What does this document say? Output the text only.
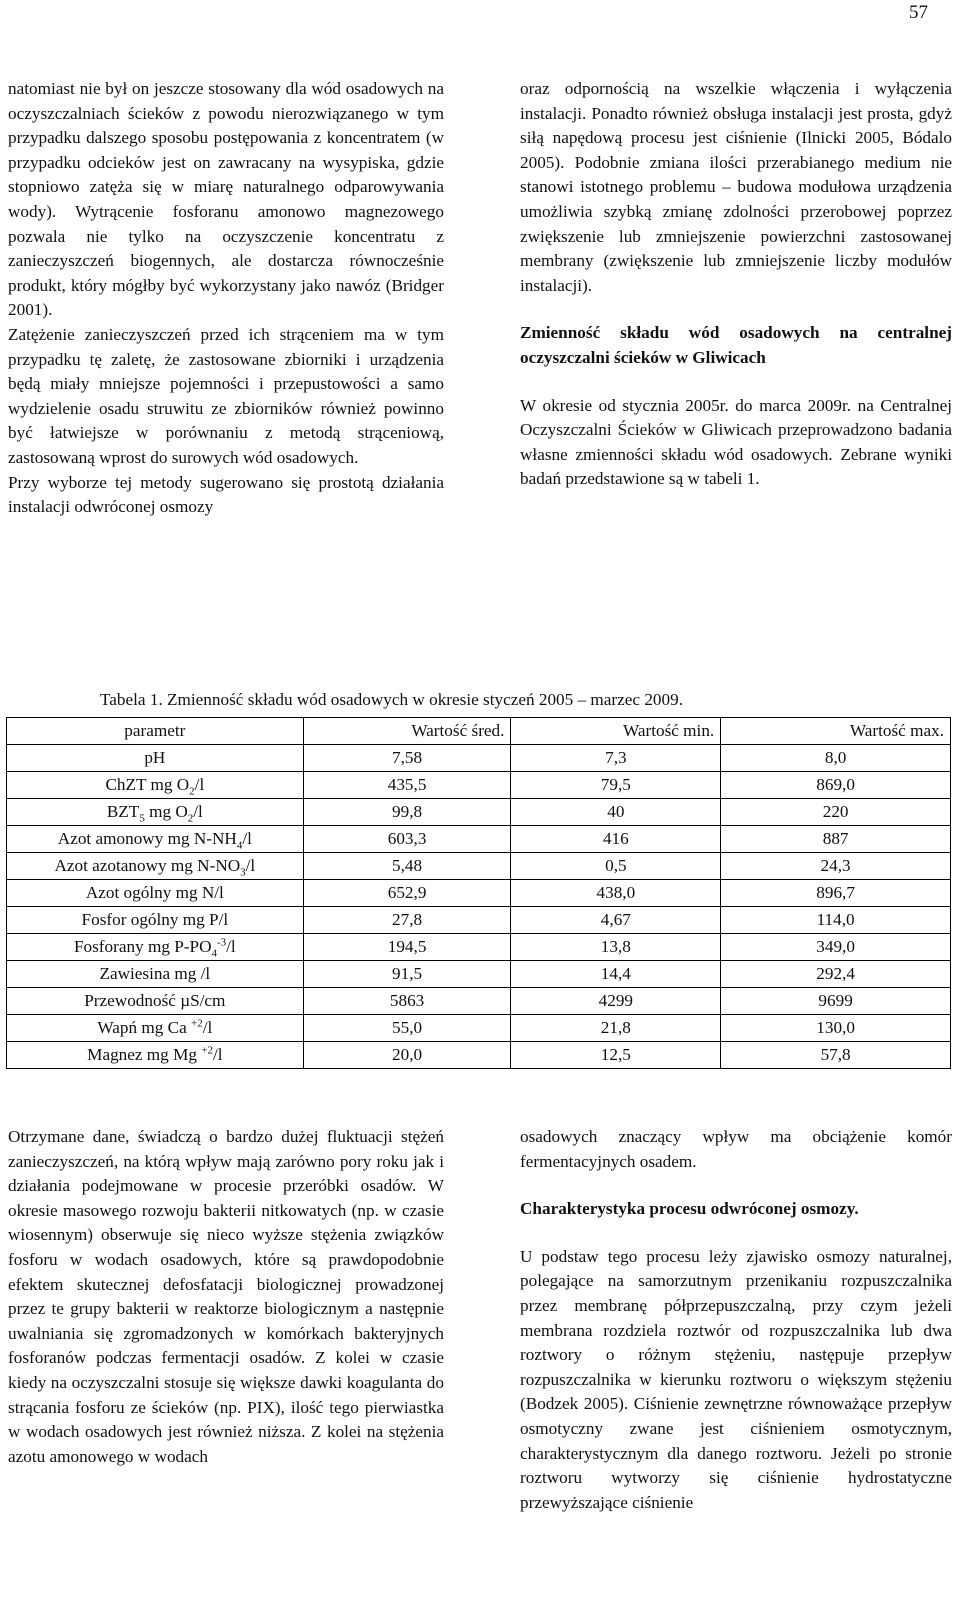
57

natomiast nie był on jeszcze stosowany dla wód osadowych na oczyszczalniach ścieków z powodu nierozwiązanego w tym przypadku dalszego sposobu postępowania z koncentratem (w przypadku odcieków jest on zawracany na wysypiska, gdzie stopniowo zatęża się w miarę naturalnego odparowywania wody). Wytrącenie fosforanu amonowo magnezowego pozwala nie tylko na oczyszczenie koncentratu z zanieczyszczeń biogennych, ale dostarcza równocześnie produkt, który mógłby być wykorzystany jako nawóz (Bridger 2001).

Zatężenie zanieczyszczeń przed ich strąceniem ma w tym przypadku tę zaletę, że zastosowane zbiorniki i urządzenia będą miały mniejsze pojemności i przepustowości a samo wydzielenie osadu struwitu ze zbiorników również powinno być łatwiejsze w porównaniu z metodą strąceniową, zastosowaną wprost do surowych wód osadowych.

Przy wyborze tej metody sugerowano się prostotą działania instalacji odwróconej osmozy

oraz odpornością na wszelkie włączenia i wyłączenia instalacji. Ponadto również obsługa instalacji jest prosta, gdyż siłą napędową procesu jest ciśnienie (Ilnicki 2005, Bódalo 2005). Podobnie zmiana ilości przerabianego medium nie stanowi istotnego problemu – budowa modułowa urządzenia umożliwia szybką zmianę zdolności przerobowej poprzez zwiększenie lub zmniejszenie powierzchni zastosowanej membrany (zwiększenie lub zmniejszenie liczby modułów instalacji).

Zmienność składu wód osadowych na centralnej oczyszczalni ścieków w Gliwicach

W okresie od stycznia 2005r. do marca 2009r. na Centralnej Oczyszczalni Ścieków w Gliwicach przeprowadzono badania własne zmienności składu wód osadowych. Zebrane wyniki badań przedstawione są w tabeli 1.

Tabela 1. Zmienność składu wód osadowych w okresie styczeń 2005 – marzec 2009.
parametr	Wartość śred.	Wartość min.	Wartość max.
pH	7,58	7,3	8,0
ChZT mg $O_2/l$	435,5	79,5	869,0
$BZT_5$ mg $O_2/l$	99,8	40	220
Azot amonowy mg $N-NH_4/l$	603,3	416	887
Azot azotanowy mg $N-NO_3/l$	5,48	0,5	24,3
Azot ogólny mg N/l	652,9	438,0	896,7
Fosfor ogólny mg P/l	27,8	4,67	114,0
Fosforany mg $P-PO_4^{-3}/l$	194,5	13,8	349,0
Zawiesina mg /l	91,5	14,4	292,4
Przewodność µS/cm	5863	4299	9699
Wapń mg Ca $^{+2}$/l	55,0	21,8	130,0
Magnez mg Mg $^{+2}$/l	20,0	12,5	57,8

Otrzymane dane, świadczą o bardzo dużej fluktuacji stężeń zanieczyszczeń, na którą wpływ mają zarówno pory roku jak i działania podejmowane w procesie przeróbki osadów. W okresie masowego rozwoju bakterii nitkowatych (np. w czasie wiosennym) obserwuje się nieco wyższe stężenia związków fosforu w wodach osadowych, które są prawdopodobnie efektem skutecznej defosfatacji biologicznej prowadzonej przez te grupy bakterii w reaktorze biologicznym a następnie uwalniania się zgromadzonych w komórkach bakteryjnych fosforanów podczas fermentacji osadów. Z kolei w czasie kiedy na oczyszczalni stosuje się większe dawki koagulanta do strącania fosforu ze ścieków (np. PIX), ilość tego pierwiastka w wodach osadowych jest również niższa. Z kolei na stężenia azotu amonowego w wodach

osadowych znaczący wpływ ma obciążenie komór fermentacyjnych osadem.

Charakterystyka procesu odwróconej osmozy.

U podstaw tego procesu leży zjawisko osmozy naturalnej, polegające na samorzutnym przenikaniu rozpuszczalnika przez membranę półprzepuszczalną, przy czym jeżeli membrana rozdziela roztwór od rozpuszczalnika lub dwa roztwory o różnym stężeniu, następuje przepływ rozpuszczalnika w kierunku roztworu o większym stężeniu (Bodzek 2005). Ciśnienie zewnętrzne równoważące przepływ osmotyczny zwane jest ciśnieniem osmotycznym, charakterystycznym dla danego roztworu. Jeżeli po stronie roztworu wytworzy się ciśnienie hydrostatyczne przewyższające ciśnienie
